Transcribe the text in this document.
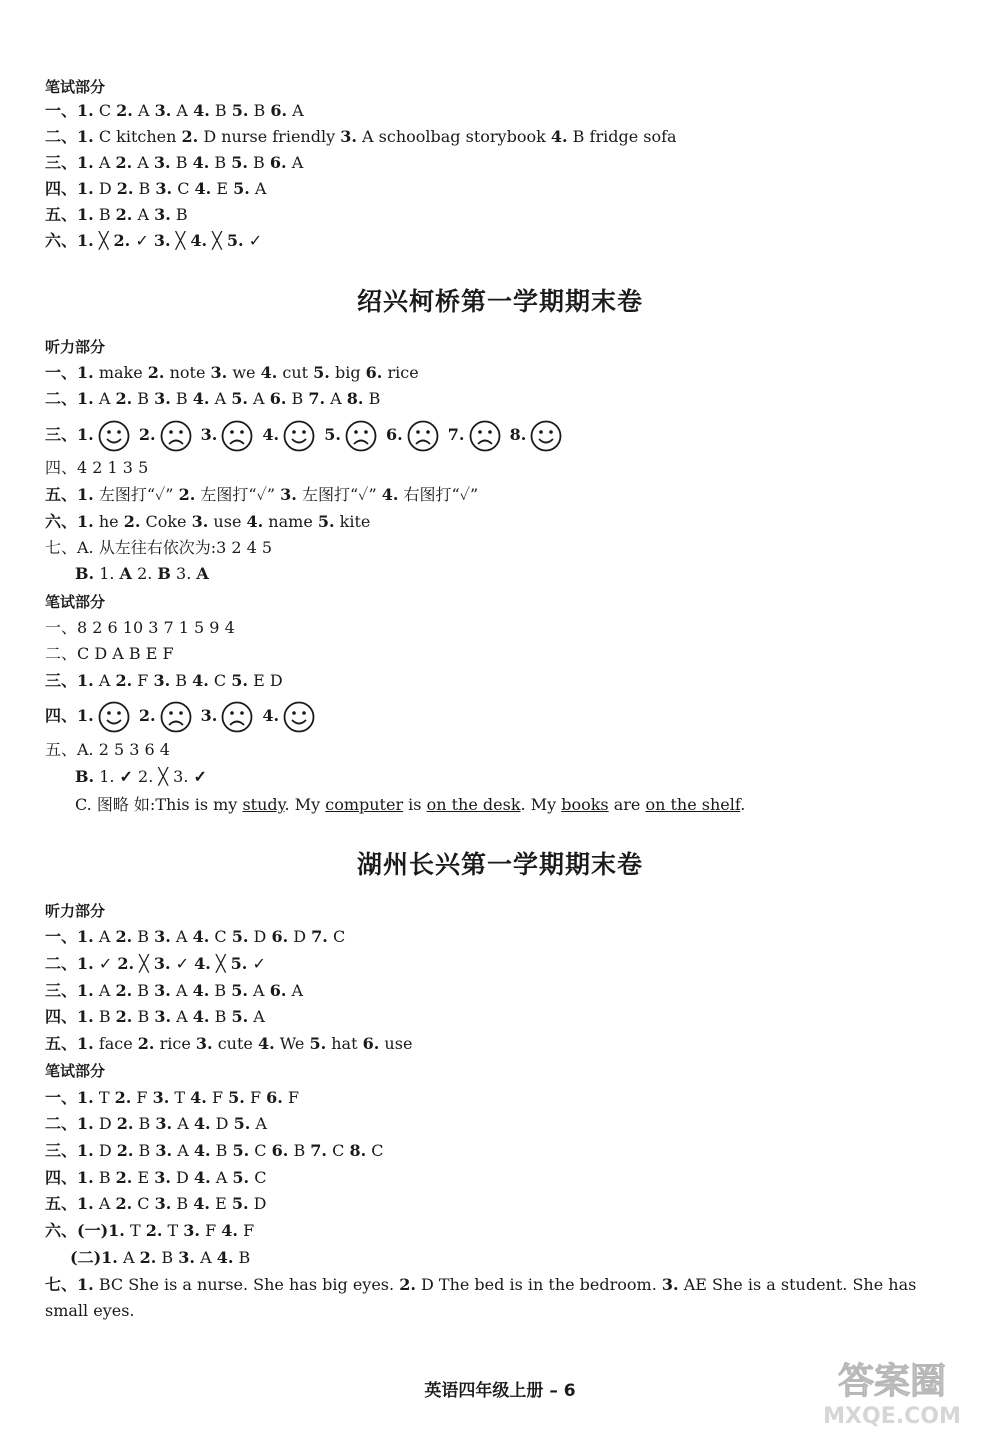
笔试部分
一、1. C 2. A 3. A 4. B 5. B 6. A
二、1. C kitchen 2. D nurse friendly 3. A schoolbag storybook 4. B fridge sofa
三、1. A 2. A 3. B 4. B 5. B 6. A
四、1. D 2. B 3. C 4. E 5. A
五、1. B 2. A 3. B
六、1. ╳ 2. ✓ 3. ╳ 4. ╳ 5. ✓
绍兴柯桥第一学期期末卷
听力部分
一、1. make 2. note 3. we 4. cut 5. big 6. rice
二、1. A 2. B 3. B 4. A 5. A 6. B 7. A 8. B
三、1.	2.	3.	4.	5.	6.	7.	8.
四、4 2 1 3 5
五、1. 左图打“✓” 2. 左图打“✓” 3. 左图打“✓” 4. 右图打“✓”
六、1. he 2. Coke 3. use 4. name 5. kite
七、A. 从左往右依次为:3 2 4 5
B. 1. A 2. B 3. A
笔试部分
一、8 2 6 10 3 7 1 5 9 4
二、C D A B E F
三、1. A 2. F 3. B 4. C 5. E D
四、1.	2.	3.	4.
五、A. 2 5 3 6 4
B. 1. ✓ 2. ╳ 3. ✓
C. 图略 如:This is my study. My computer is on the desk. My books are on the shelf.
湖州长兴第一学期期末卷
听力部分
一、1. A 2. B 3. A 4. C 5. D 6. D 7. C
二、1. ✓ 2. ╳ 3. ✓ 4. ╳ 5. ✓
三、1. A 2. B 3. A 4. B 5. A 6. A
四、1. B 2. B 3. A 4. B 5. A
五、1. face 2. rice 3. cute 4. We 5. hat 6. use
笔试部分
一、1. T 2. F 3. T 4. F 5. F 6. F
二、1. D 2. B 3. A 4. D 5. A
三、1. D 2. B 3. A 4. B 5. C 6. B 7. C 8. C
四、1. B 2. E 3. D 4. A 5. C
五、1. A 2. C 3. B 4. E 5. D
六、(一)1. T 2. T 3. F 4. F
(二)1. A 2. B 3. A 4. B
七、1. BC She is a nurse. She has big eyes. 2. D The bed is in the bedroom. 3. AE She is a student. She has
small eyes.
英语四年级上册 – 6	答案圈
MXQE.COM
